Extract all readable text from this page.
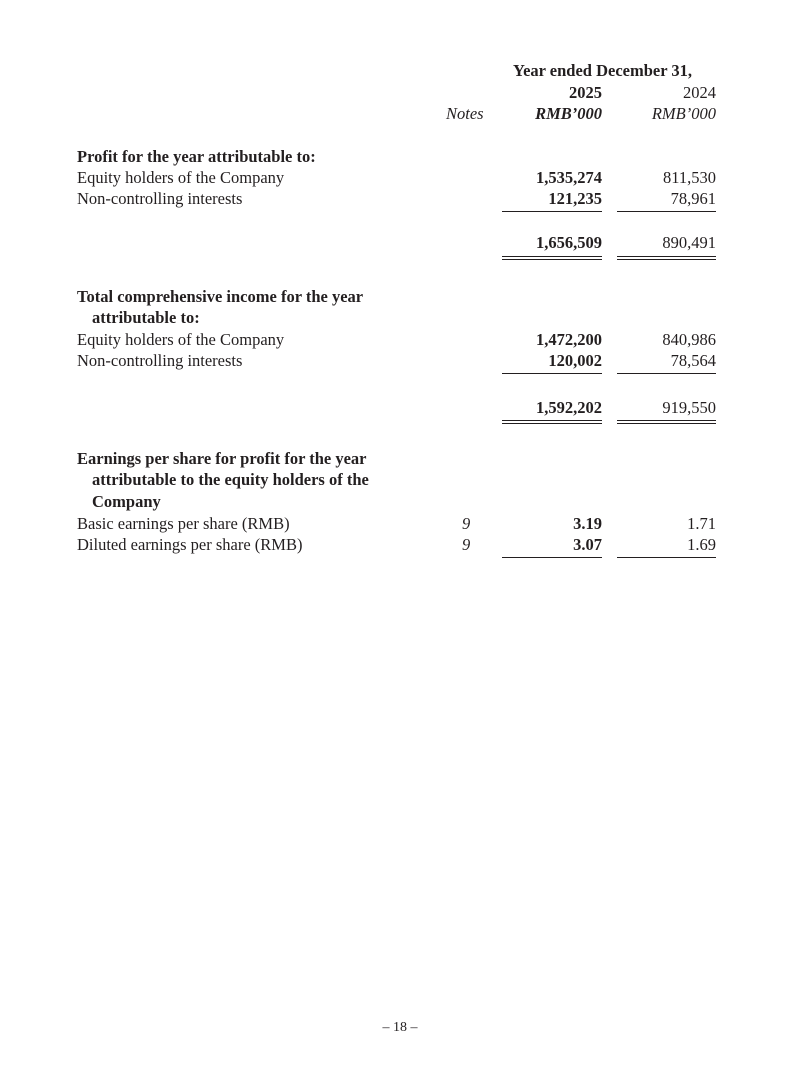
Year ended December 31,
2025	2024
Notes	RMB’000	RMB’000
Profit for the year attributable to:
Equity holders of the Company	1,535,274	811,530
Non-controlling interests	121,235	78,961
1,656,509	890,491
Total comprehensive income for the year
attributable to:
Equity holders of the Company	1,472,200	840,986
Non-controlling interests	120,002	78,564
1,592,202	919,550
Earnings per share for profit for the year
attributable to the equity holders of the
Company
Basic earnings per share (RMB)	9	3.19	1.71
Diluted earnings per share (RMB)	9	3.07	1.69
– 18 –
